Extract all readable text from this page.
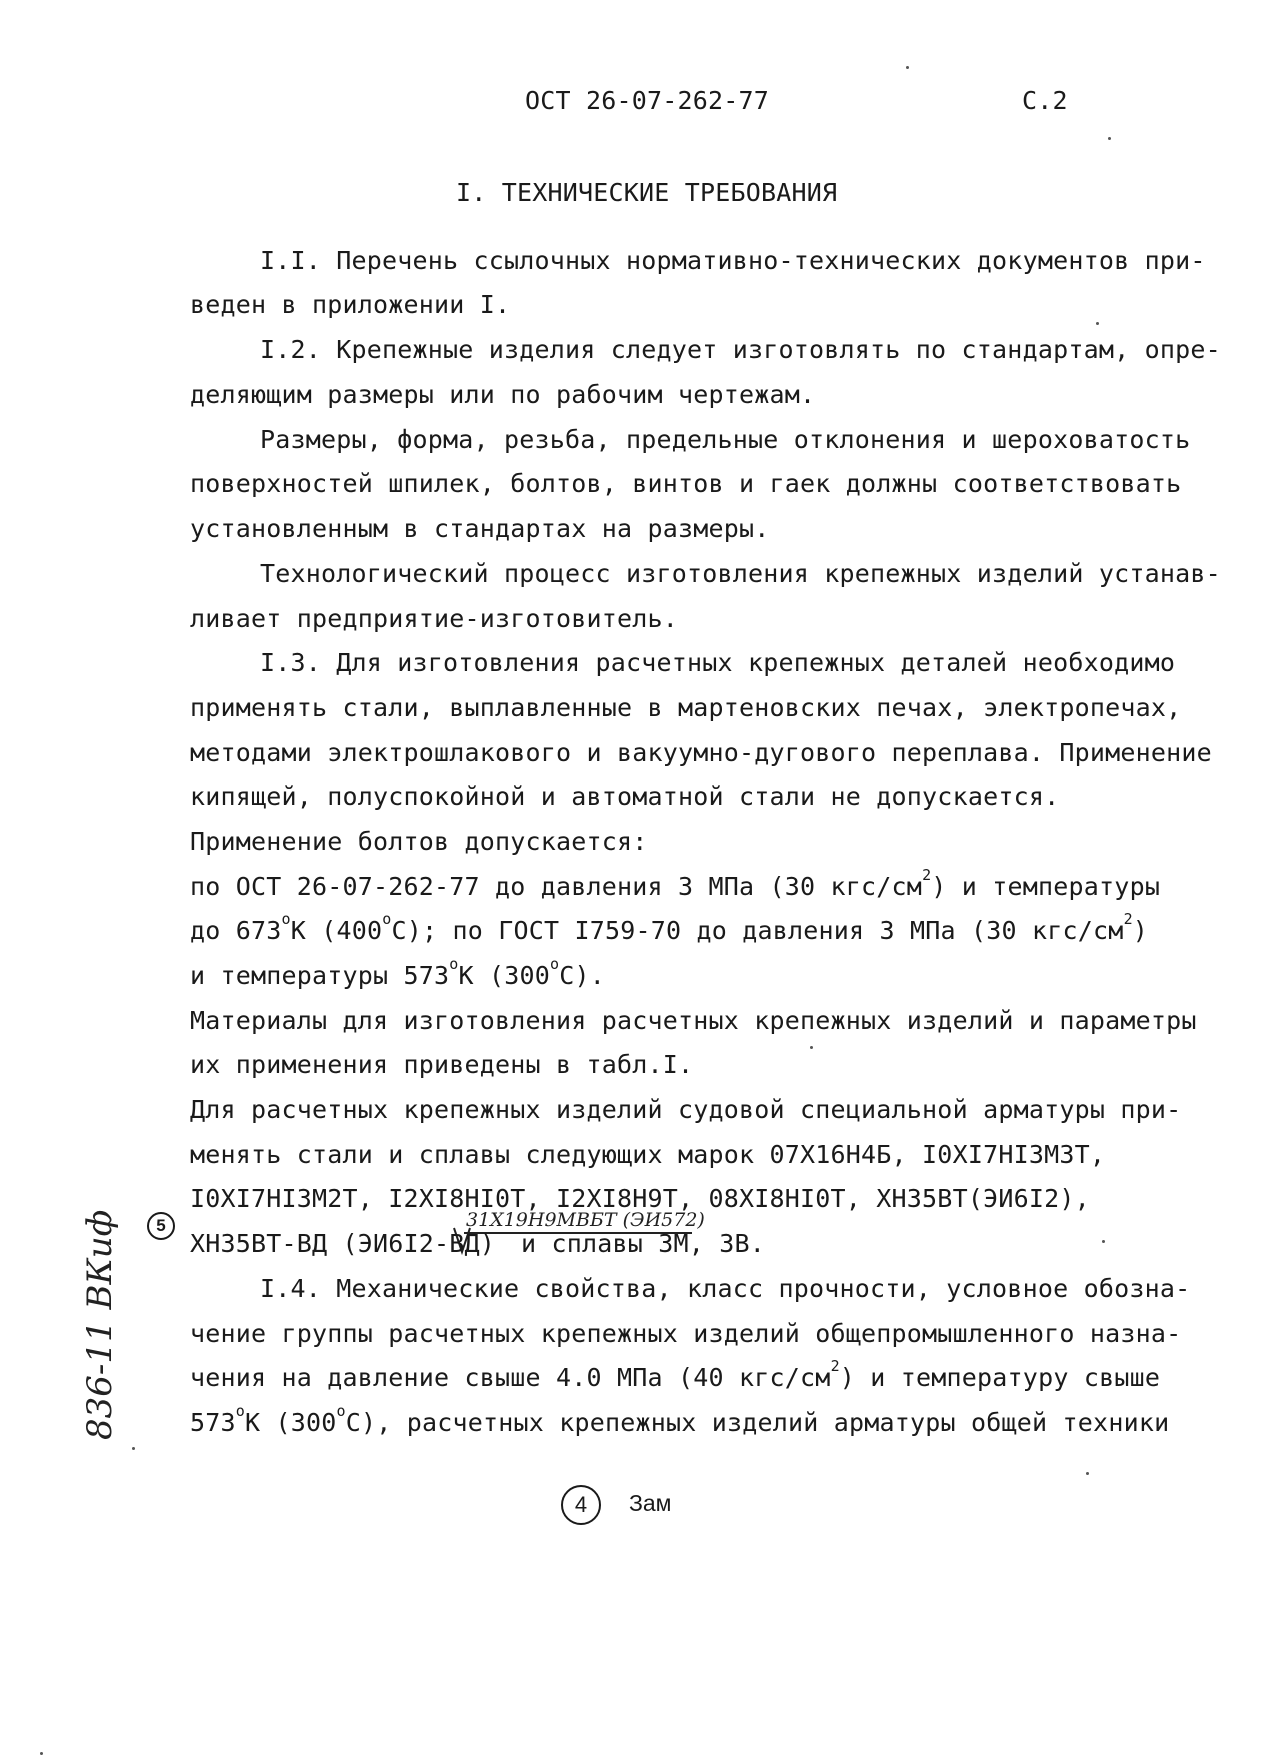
ОСТ 26-07-262-77	С.2
I. ТЕХНИЧЕСКИЕ ТРЕБОВАНИЯ
I.I. Перечень ссылочных нормативно-технических документов при-
веден в приложении I.
I.2. Крепежные изделия следует изготовлять по стандартам, опре-
деляющим размеры или по рабочим чертежам.
Размеры, форма, резьба, предельные отклонения и шероховатость
поверхностей шпилек, болтов, винтов и гаек должны соответствовать
установленным в стандартах на размеры.
Технологический процесс изготовления крепежных изделий устанав-
ливает предприятие-изготовитель.
I.3. Для изготовления расчетных крепежных деталей необходимо
применять стали, выплавленные в мартеновских печах, электропечах,
методами электрошлакового и вакуумно-дугового переплава. Применение
кипящей, полуспокойной и автоматной стали не допускается.
Применение болтов допускается:
по ОСТ 26-07-262-77 до давления 3 МПа (30 кгс/$см^2$) и температуры
до $673^оК$ $(400^оС)$; по ГОСТ I759-70 до давления 3 МПа (30 кгс/$см^2$)
и температуры $573^оК$ $(300^оС)$.
Материалы для изготовления расчетных крепежных изделий и параметры
их применения приведены в табл.I.
Для расчетных крепежных изделий судовой специальной арматуры при-
менять стали и сплавы следующих марок 07Х16Н4Б, I0ХI7НI3М3Т,
I0ХI7НI3М2Т, I2ХI8НI0Т, I2ХI8Н9Т, 08ХI8НI0Т, ХН35ВТ(ЭИ6I2),
31Х19Н9МВБТ (ЭИ572)
5
ХН35ВТ-ВД (ЭИ6I2-ВД) и сплавы 3М, 3В.
I.4. Механические свойства, класс прочности, условное обозна-
чение группы расчетных крепежных изделий общепромышленного назна-
чения на давление свыше 4.0 МПа (40 кгс/$см^2$) и температуру свыше
$573^оК$ $(300^оС)$, расчетных крепежных изделий арматуры общей техники
836-11 ВКиф
4 Зам
